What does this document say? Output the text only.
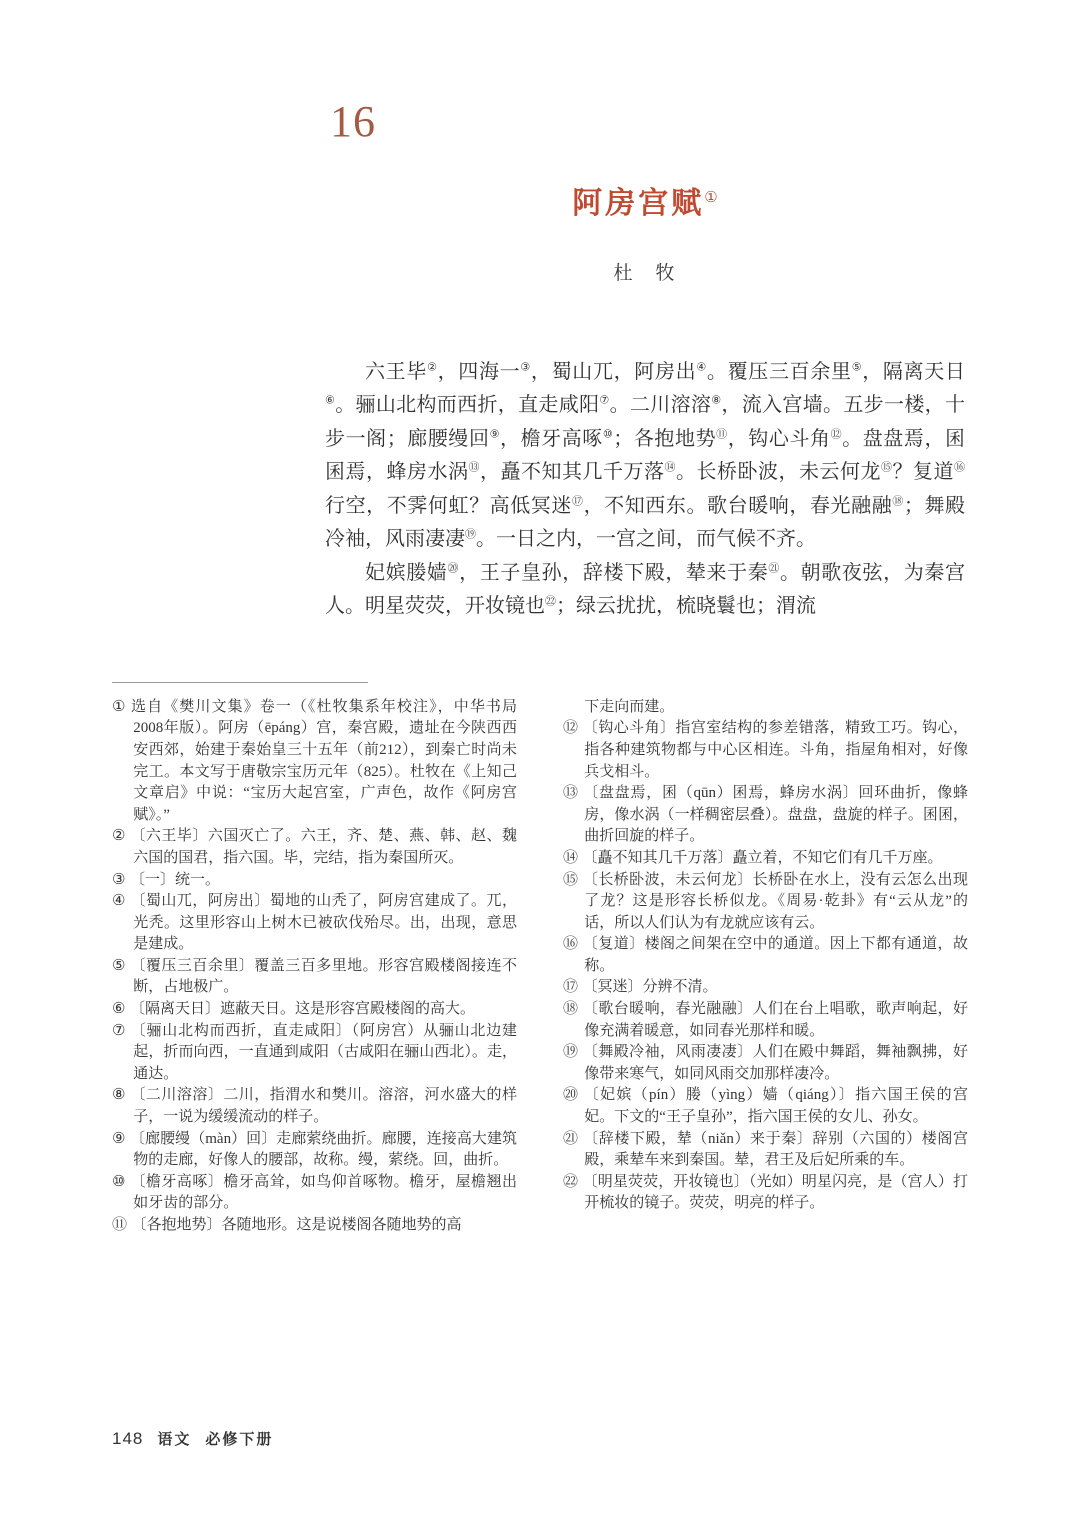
16
阿房宫赋①
杜　牧

六王毕②，四海一③，蜀山兀，阿房出④。覆压三百余里⑤，隔离天日⑥。骊山北构而西折，直走咸阳⑦。二川溶溶⑧，流入宫墙。五步一楼，十步一阁；廊腰缦回⑨，檐牙高啄⑩；各抱地势⑪，钩心斗角⑫。盘盘焉，囷囷焉，蜂房水涡⑬，矗不知其几千万落⑭。长桥卧波，未云何龙⑮？复道⑯行空，不霁何虹？高低冥迷⑰，不知西东。歌台暖响，春光融融⑱；舞殿冷袖，风雨凄凄⑲。一日之内，一宫之间，而气候不齐。

妃嫔媵嫱⑳，王子皇孙，辞楼下殿，辇来于秦$^㉑$。朝歌夜弦，为秦宫人。明星荧荧，开妆镜也$^㉒$；绿云扰扰，梳晓鬟也；渭流

① 选自《樊川文集》卷一（《杜牧集系年校注》，中华书局2008年版）。阿房（ēpáng）宫，秦宫殿，遗址在今陕西西安西郊，始建于秦始皇三十五年（前212），到秦亡时尚未完工。本文写于唐敬宗宝历元年（825）。杜牧在《上知己文章启》中说：“宝历大起宫室，广声色，故作《阿房宫赋》。”

② 〔六王毕〕六国灭亡了。六王，齐、楚、燕、韩、赵、魏六国的国君，指六国。毕，完结，指为秦国所灭。

③ 〔一〕统一。

④ 〔蜀山兀，阿房出〕蜀地的山秃了，阿房宫建成了。兀，光秃。这里形容山上树木已被砍伐殆尽。出，出现，意思是建成。

⑤ 〔覆压三百余里〕覆盖三百多里地。形容宫殿楼阁接连不断，占地极广。

⑥ 〔隔离天日〕遮蔽天日。这是形容宫殿楼阁的高大。

⑦ 〔骊山北构而西折，直走咸阳〕（阿房宫）从骊山北边建起，折而向西，一直通到咸阳（古咸阳在骊山西北）。走，通达。

⑧ 〔二川溶溶〕二川，指渭水和樊川。溶溶，河水盛大的样子，一说为缓缓流动的样子。

⑨ 〔廊腰缦（màn）回〕走廊萦绕曲折。廊腰，连接高大建筑物的走廊，好像人的腰部，故称。缦，萦绕。回，曲折。

⑩ 〔檐牙高啄〕檐牙高耸，如鸟仰首啄物。檐牙，屋檐翘出如牙齿的部分。

⑪ 〔各抱地势〕各随地形。这是说楼阁各随地势的高

下走向而建。

⑫ 〔钩心斗角〕指宫室结构的参差错落，精致工巧。钩心，指各种建筑物都与中心区相连。斗角，指屋角相对，好像兵戈相斗。

⑬ 〔盘盘焉，囷（qūn）囷焉，蜂房水涡〕回环曲折，像蜂房，像水涡（一样稠密层叠）。盘盘，盘旋的样子。囷囷，曲折回旋的样子。

⑭ 〔矗不知其几千万落〕矗立着，不知它们有几千万座。

⑮ 〔长桥卧波，未云何龙〕长桥卧在水上，没有云怎么出现了龙？这是形容长桥似龙。《周易·乾卦》有“云从龙”的话，所以人们认为有龙就应该有云。

⑯ 〔复道〕楼阁之间架在空中的通道。因上下都有通道，故称。

⑰ 〔冥迷〕分辨不清。

⑱ 〔歌台暖响，春光融融〕人们在台上唱歌，歌声响起，好像充满着暖意，如同春光那样和暖。

⑲ 〔舞殿冷袖，风雨凄凄〕人们在殿中舞蹈，舞袖飘拂，好像带来寒气，如同风雨交加那样凄冷。

⑳ 〔妃嫔（pín）媵（yìng）嫱（qiáng）〕指六国王侯的宫妃。下文的“王子皇孙”，指六国王侯的女儿、孙女。

㉑ 〔辞楼下殿，辇（niǎn）来于秦〕辞别（六国的）楼阁宫殿，乘辇车来到秦国。辇，君王及后妃所乘的车。

㉒ 〔明星荧荧，开妆镜也〕（光如）明星闪亮，是（宫人）打开梳妆的镜子。荧荧，明亮的样子。

148 语文 必修下册
